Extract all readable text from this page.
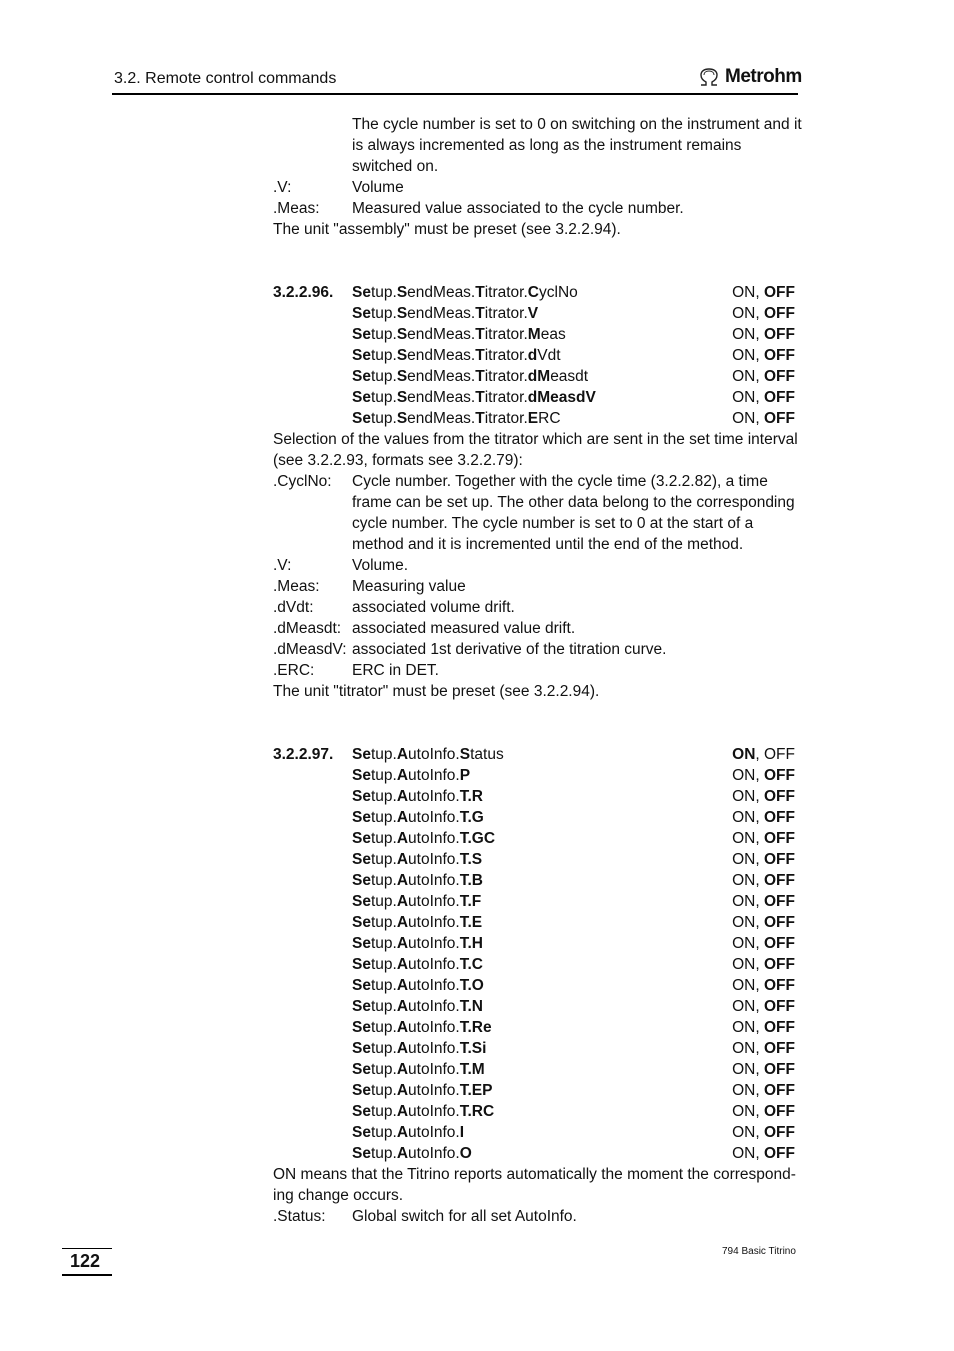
3.2. Remote control commands	Metrohm
The cycle number is set to 0 on switching on the instrument and it
is always incremented as long as the instrument remains
switched on.
.V:	Volume
.Meas: Measured value associated to the cycle number.
The unit "assembly" must be preset (see 3.2.2.94).
3.2.2.96. Setup.SendMeas.Titrator.CyclNo	ON, OFF
Setup.SendMeas.Titrator.V	ON, OFF
Setup.SendMeas.Titrator.Meas	ON, OFF
Setup.SendMeas.Titrator.dVdt	ON, OFF
Setup.SendMeas.Titrator.dMeasdt	ON, OFF
Setup.SendMeas.Titrator.dMeasdV	ON, OFF
Setup.SendMeas.Titrator.ERC	ON, OFF
Selection of the values from the titrator which are sent in the set time interval
(see 3.2.2.93, formats see 3.2.2.79):
.CyclNo: Cycle number. Together with the cycle time (3.2.2.82), a time
frame can be set up. The other data belong to the corresponding
cycle number. The cycle number is set to 0 at the start of a
method and it is incremented until the end of the method.
.V:	Volume.
.Meas: Measuring value
.dVdt: associated volume drift.
.dMeasdt: associated measured value drift.
.dMeasdV: associated 1st derivative of the titration curve.
.ERC: ERC in DET.
The unit "titrator" must be preset (see 3.2.2.94).
3.2.2.97. Setup.AutoInfo.Status	ON, OFF
Setup.AutoInfo.P	ON, OFF
Setup.AutoInfo.T.R	ON, OFF
Setup.AutoInfo.T.G	ON, OFF
Setup.AutoInfo.T.GC	ON, OFF
Setup.AutoInfo.T.S	ON, OFF
Setup.AutoInfo.T.B	ON, OFF
Setup.AutoInfo.T.F	ON, OFF
Setup.AutoInfo.T.E	ON, OFF
Setup.AutoInfo.T.H	ON, OFF
Setup.AutoInfo.T.C	ON, OFF
Setup.AutoInfo.T.O	ON, OFF
Setup.AutoInfo.T.N	ON, OFF
Setup.AutoInfo.T.Re	ON, OFF
Setup.AutoInfo.T.Si	ON, OFF
Setup.AutoInfo.T.M	ON, OFF
Setup.AutoInfo.T.EP	ON, OFF
Setup.AutoInfo.T.RC	ON, OFF
Setup.AutoInfo.I	ON, OFF
Setup.AutoInfo.O	ON, OFF
ON means that the Titrino reports automatically the moment the correspond-
ing change occurs.
.Status: Global switch for all set AutoInfo.
122	794 Basic Titrino
